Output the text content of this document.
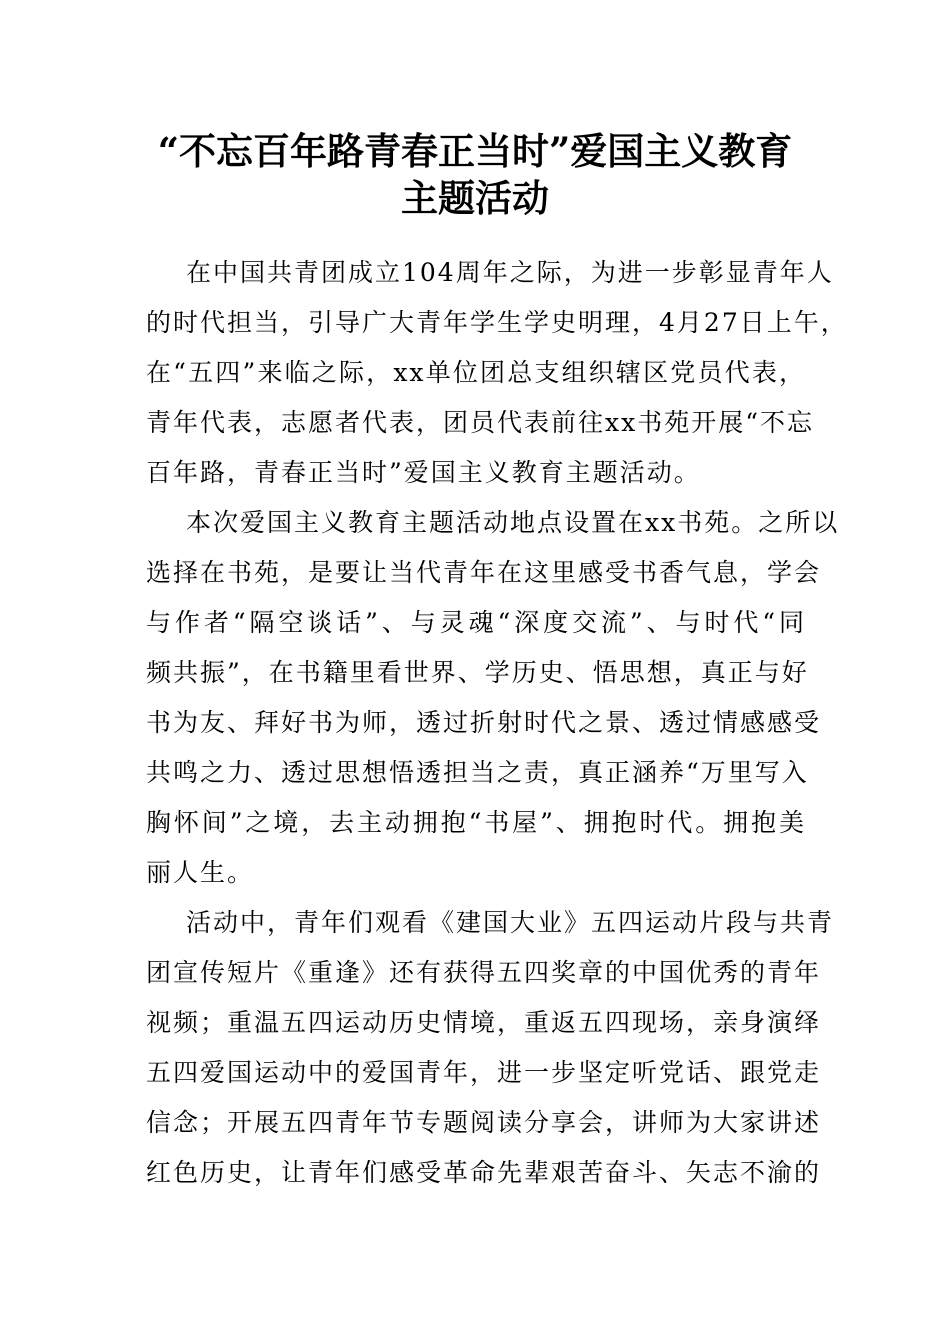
“不忘百年路青春正当时”爱国主义教育
主题活动
在中国共青团成立104周年之际，为进一步彰显青年人
的时代担当，引导广大青年学生学史明理，4月27日上午，
在“五四”来临之际，xx单位团总支组织辖区党员代表，
青年代表，志愿者代表，团员代表前往xx书苑开展“不忘
百年路，青春正当时”爱国主义教育主题活动。
本次爱国主义教育主题活动地点设置在xx书苑。之所以
选择在书苑，是要让当代青年在这里感受书香气息，学会
与作者“隔空谈话”、与灵魂“深度交流”、与时代“同
频共振”，在书籍里看世界、学历史、悟思想，真正与好
书为友、拜好书为师，透过折射时代之景、透过情感感受
共鸣之力、透过思想悟透担当之责，真正涵养“万里写入
胸怀间”之境，去主动拥抱“书屋”、拥抱时代。拥抱美
丽人生。
活动中，青年们观看《建国大业》五四运动片段与共青
团宣传短片《重逢》还有获得五四奖章的中国优秀的青年
视频；重温五四运动历史情境，重返五四现场，亲身演绎
五四爱国运动中的爱国青年，进一步坚定听党话、跟党走
信念；开展五四青年节专题阅读分享会，讲师为大家讲述
红色历史，让青年们感受革命先辈艰苦奋斗、矢志不渝的
